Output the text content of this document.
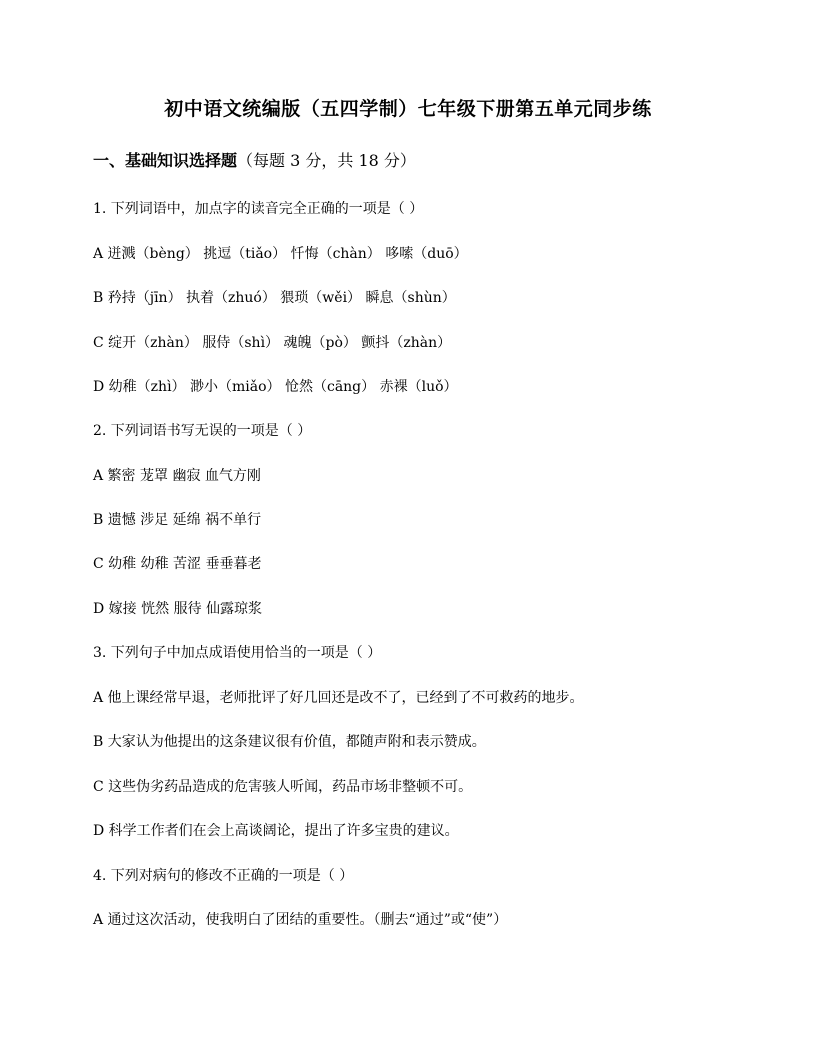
初中语文统编版（五四学制）七年级下册第五单元同步练
一、基础知识选择题（每题 3 分，共 18 分）
1. 下列词语中，加点字的读音完全正确的一项是（ ）
A 迸溅（bèng） 挑逗（tiǎo） 忏悔（chàn） 哆嗦（duō）
B 矜持（jīn） 执着（zhuó） 猥琐（wěi） 瞬息（shùn）
C 绽开（zhàn） 服侍（shì） 魂魄（pò） 颤抖（zhàn）
D 幼稚（zhì） 渺小（miǎo） 怆然（cāng） 赤裸（luǒ）
2. 下列词语书写无误的一项是（ ）
A 繁密 茏罩 幽寂 血气方刚
B 遗憾 涉足 延绵 祸不单行
C 幼稚 幼稚 苦涩 垂垂暮老
D 嫁接 恍然 服待 仙露琼浆
3. 下列句子中加点成语使用恰当的一项是（ ）
A 他上课经常早退，老师批评了好几回还是改不了，已经到了不可救药的地步。
B 大家认为他提出的这条建议很有价值，都随声附和表示赞成。
C 这些伪劣药品造成的危害骇人听闻，药品市场非整顿不可。
D 科学工作者们在会上高谈阔论，提出了许多宝贵的建议。
4. 下列对病句的修改不正确的一项是（ ）
A 通过这次活动，使我明白了团结的重要性。（删去“通过”或“使”）
